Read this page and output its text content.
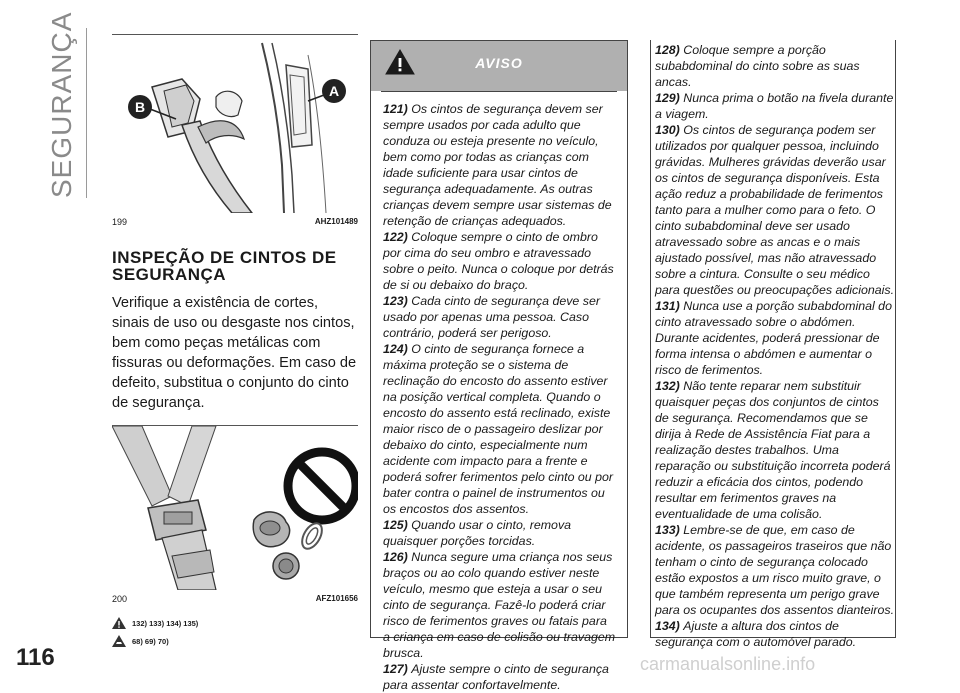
SEGURANÇA	B
A
199	AHZ101489
INSPEÇÃO DE CINTOS DE SEGURANÇA

Verifique a existência de cortes, sinais de uso ou desgaste nos cintos, bem como peças metálicas com fissuras ou deformações. Em caso de defeito, substitua o conjunto do cinto de segurança.

200	AFZ101656
132) 133) 134) 135)
68) 69) 70)
AVISO

121) Os cintos de segurança devem ser sempre usados por cada adulto que conduza ou esteja presente no veículo, bem como por todas as crianças com idade suficiente para usar cintos de segurança adequadamente. As outras crianças devem sempre usar sistemas de retenção de crianças adequados.

122) Coloque sempre o cinto de ombro por cima do seu ombro e atravessado sobre o peito. Nunca o coloque por detrás de si ou debaixo do braço.

123) Cada cinto de segurança deve ser usado por apenas uma pessoa. Caso contrário, poderá ser perigoso.

124) O cinto de segurança fornece a máxima proteção se o sistema de reclinação do encosto do assento estiver na posição vertical completa. Quando o encosto do assento está reclinado, existe maior risco de o passageiro deslizar por debaixo do cinto, especialmente num acidente com impacto para a frente e poderá sofrer ferimentos pelo cinto ou por bater contra o painel de instrumentos ou os encostos dos assentos.

125) Quando usar o cinto, remova quaisquer porções torcidas.

126) Nunca segure uma criança nos seus braços ou ao colo quando estiver neste veículo, mesmo que esteja a usar o seu cinto de segurança. Fazê-lo poderá criar risco de ferimentos graves ou fatais para a criança em caso de colisão ou travagem brusca.

127) Ajuste sempre o cinto de segurança para assentar confortavelmente.

128) Coloque sempre a porção subabdominal do cinto sobre as suas ancas.

129) Nunca prima o botão na fivela durante a viagem.

130) Os cintos de segurança podem ser utilizados por qualquer pessoa, incluindo grávidas. Mulheres grávidas deverão usar os cintos de segurança disponíveis. Esta ação reduz a probabilidade de ferimentos tanto para a mulher como para o feto. O cinto subabdominal deve ser usado atravessado sobre as ancas e o mais ajustado possível, mas não atravessado sobre a cintura. Consulte o seu médico para questões ou preocupações adicionais.

131) Nunca use a porção subabdominal do cinto atravessado sobre o abdómen. Durante acidentes, poderá pressionar de forma intensa o abdómen e aumentar o risco de ferimentos.

132) Não tente reparar nem substituir quaisquer peças dos conjuntos de cintos de segurança. Recomendamos que se dirija à Rede de Assistência Fiat para a realização destes trabalhos. Uma reparação ou substituição incorreta poderá reduzir a eficácia dos cintos, podendo resultar em ferimentos graves na eventualidade de uma colisão.

133) Lembre-se de que, em caso de acidente, os passageiros traseiros que não tenham o cinto de segurança colocado estão expostos a um risco muito grave, o que também representa um perigo grave para os ocupantes dos assentos dianteiros.

134) Ajuste a altura dos cintos de segurança com o automóvel parado.

116	carmanualsonline.info
